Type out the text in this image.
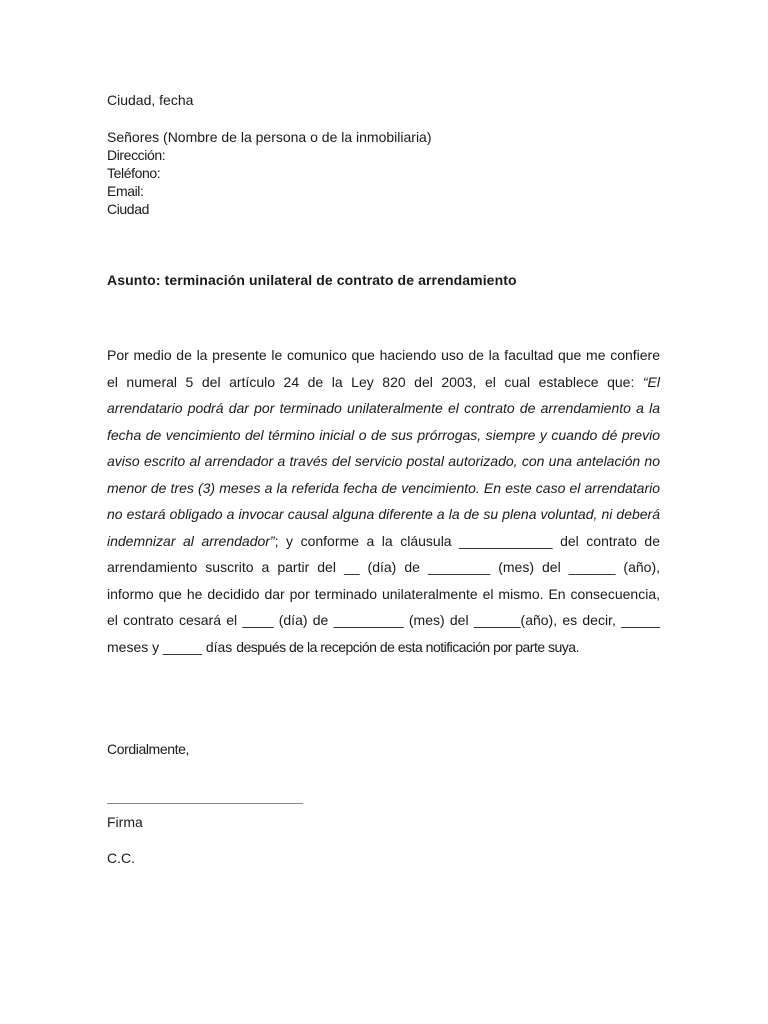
Ciudad, fecha
Señores (Nombre de la persona o de la inmobiliaria)
Dirección:
Teléfono:
Email:
Ciudad
Asunto: terminación unilateral de contrato de arrendamiento
Por medio de la presente le comunico que haciendo uso de la facultad que me confiere el numeral 5 del artículo 24 de la Ley 820 del 2003, el cual establece que: “El arrendatario podrá dar por terminado unilateralmente el contrato de arrendamiento a la fecha de vencimiento del término inicial o de sus prórrogas, siempre y cuando dé previo aviso escrito al arrendador a través del servicio postal autorizado, con una antelación no menor de tres (3) meses a la referida fecha de vencimiento. En este caso el arrendatario no estará obligado a invocar causal alguna diferente a la de su plena voluntad, ni deberá indemnizar al arrendador”; y conforme a la cláusula ____________ del contrato de arrendamiento suscrito a partir del __ (día) de ________ (mes) del ______ (año), informo que he decidido dar por terminado unilateralmente el mismo. En consecuencia, el contrato cesará el ____ (día) de _________ (mes) del ______(año), es decir, _____ meses y _____ días después de la recepción de esta notificación por parte suya.
Cordialmente,
Firma
C.C.
